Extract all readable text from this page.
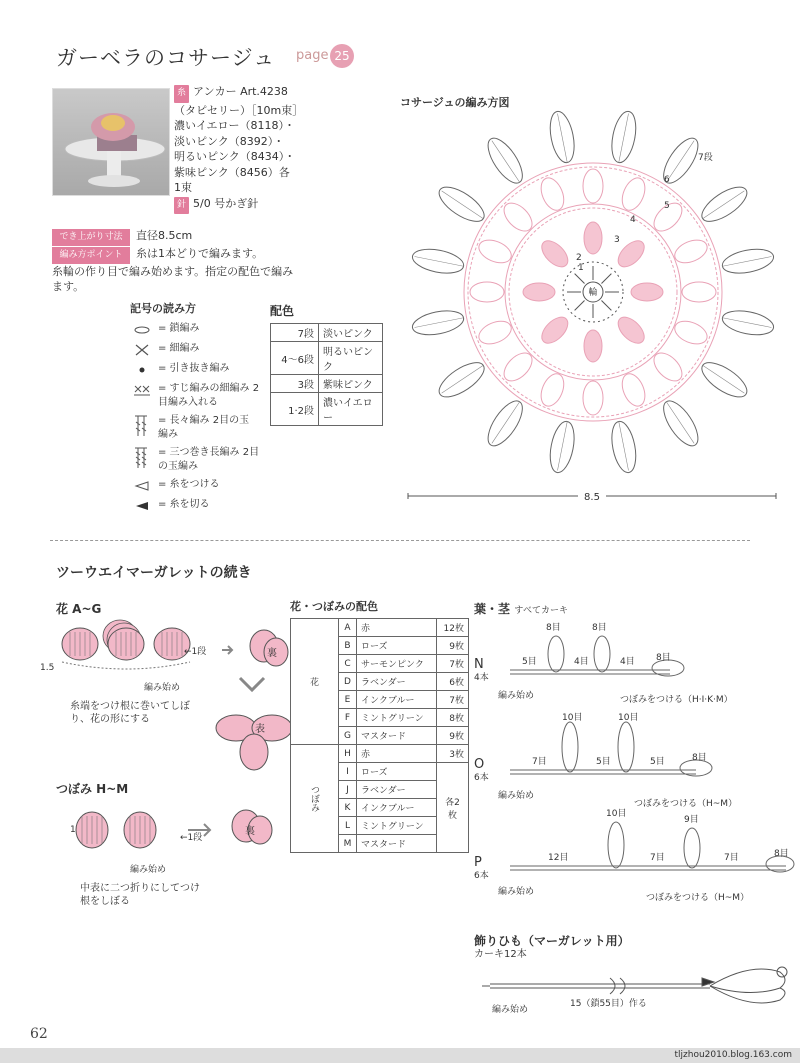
ガーベラのコサージュ page 25
糸 アンカー Art.4238
（タピセリー）［10m束］
濃いイエロー（8118）・
淡いピンク（8392）・
明るいピンク（8434）・
紫味ピンク（8456）各
1束
針 5/0 号かぎ針
でき上がり寸法 直径8.5cm
編み方ポイント 糸は1本どりで編みます。
糸輪の作り目で編み始めます。指定の配色で編みます。
記号の読み方
= 鎖編み
= 細編み
= 引き抜き編み
= すじ編みの細編み 2目編み入れる
= 長々編み 2目の玉編み
= 三つ巻き長編み 2目の玉編み
= 糸をつける
= 糸を切る
配色
7段	淡いピンク
4〜6段	明るいピンク
3段	紫味ピンク
1·2段	濃いイエロー
コサージュの編み方図
輪
1
2
3
4
5
6
7段
8.5
ツーウエイマーガレットの続き
花 A~G
裏
表
←1段
1.5
編み始め
糸端をつけ根に巻いてしぼり、花の形にする
つぼみ H~M
裏
←1段
1
編み始め
中表に二つ折りにしてつけ根をしぼる
花・つぼみの配色
花	A	赤	12枚
	B	ローズ	9枚
	C	サーモンピンク	7枚
	D	ラベンダー	6枚
	E	インクブルー	7枚
	F	ミントグリーン	8枚
	G	マスタード	9枚
つぼみ	H	赤	3枚
	I	ローズ	各2枚
	J	ラベンダー	
	K	インクブルー	
	L	ミントグリーン	
	M	マスタード	
葉・茎 すべてカーキ
N
4本
8目	8目
8目
5目	4目	4目
編み始め	つぼみをつける（H·I·K·M）
O
6本
10目	10目
8目
7目	5目	5目
編み始め
つぼみをつける（H~M）
P
6本
10目
9目
8目
12目	7目	7目
編み始め
つぼみをつける（H~M）
飾りひも（マーガレット用）
カーキ12本
編み始め
15（鎖55目）作る
62
tljzhou2010.blog.163.com
